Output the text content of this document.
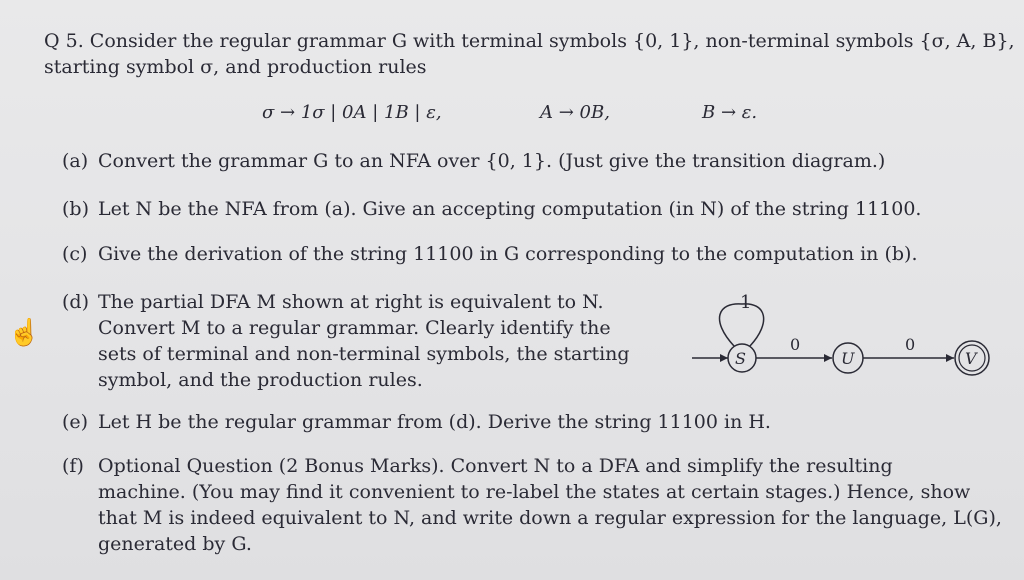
Q 5. Consider the regular grammar G with terminal symbols {0, 1}, non-terminal symbols {σ, A, B},
starting symbol σ, and production rules
σ → 1σ | 0A | 1B | ε,	A → 0B,	B → ε.
(a) Convert the grammar G to an NFA over {0, 1}. (Just give the transition diagram.)
(b) Let N be the NFA from (a). Give an accepting computation (in N) of the string 11100.
(c) Give the derivation of the string 11100 in G corresponding to the computation in (b).
(d) The partial DFA M shown at right is equivalent to N.
Convert M to a regular grammar. Clearly identify the
sets of terminal and non-terminal symbols, the starting
symbol, and the production rules.
☝
1
S
0
U
0
V
(e) Let H be the regular grammar from (d). Derive the string 11100 in H.
(f) Optional Question (2 Bonus Marks). Convert N to a DFA and simplify the resulting
machine. (You may find it convenient to re-label the states at certain stages.) Hence, show
that M is indeed equivalent to N, and write down a regular expression for the language, L(G),
generated by G.
